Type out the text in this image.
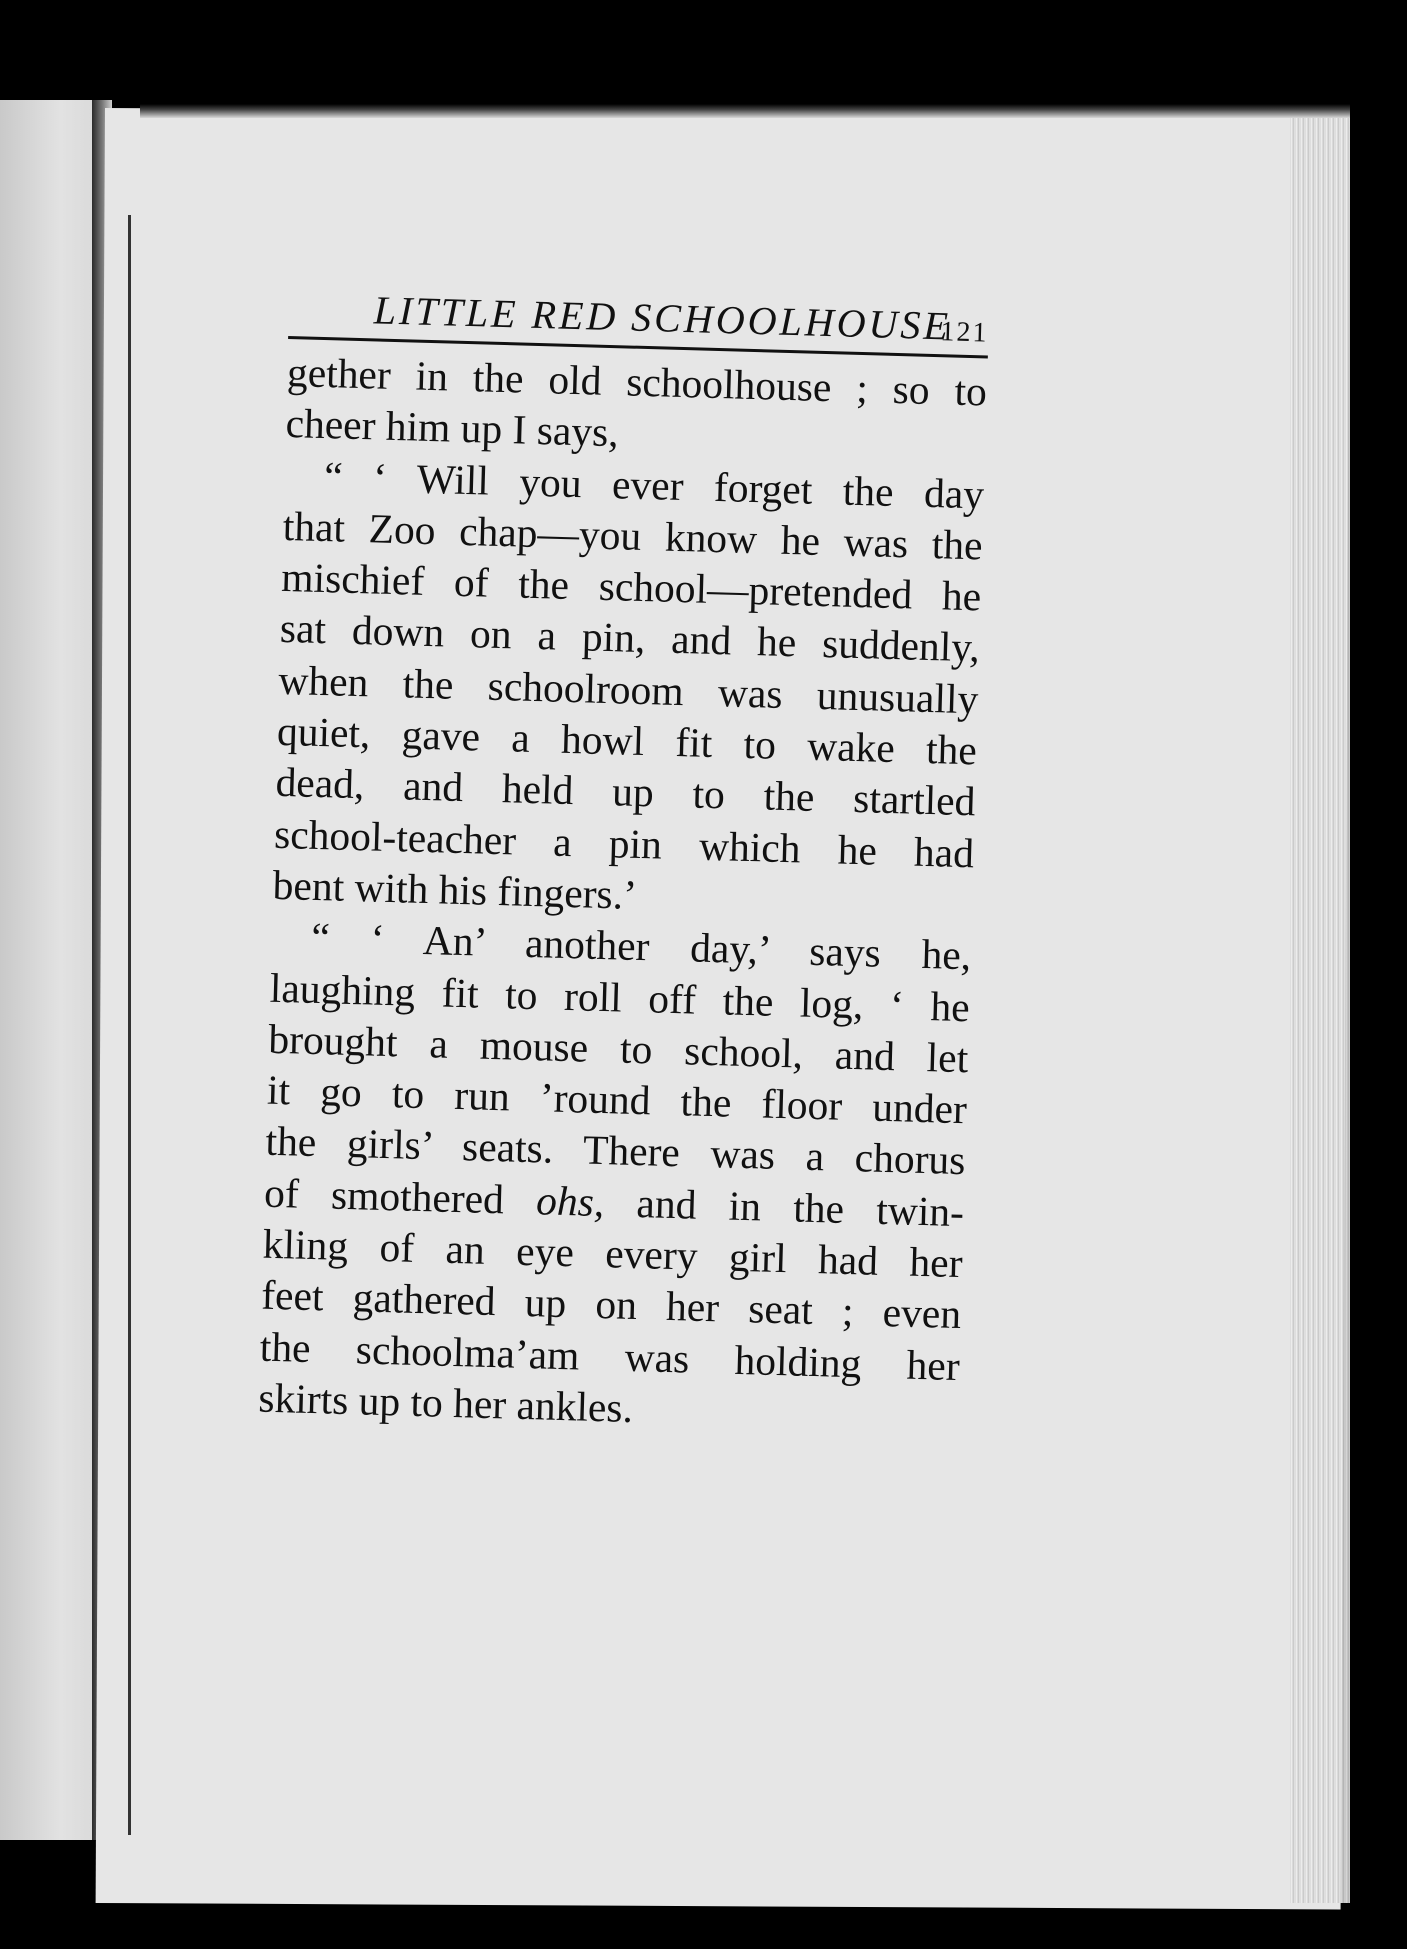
LITTLE RED SCHOOLHOUSE
121
gether in the old schoolhouse ; so to
cheer him up I says,
“ ‘ Will you ever forget the day
that Zoo chap—you know he was the
mischief of the school—pretended he
sat down on a pin, and he suddenly,
when the schoolroom was unusually
quiet, gave a howl fit to wake the
dead, and held up to the startled
school-teacher a pin which he had
bent with his fingers.’
“ ‘ An’ another day,’ says he,
laughing fit to roll off the log, ‘ he
brought a mouse to school, and let
it go to run ’round the floor under
the girls’ seats. There was a chorus
of smothered ohs, and in the twin-
kling of an eye every girl had her
feet gathered up on her seat ; even
the schoolma’am was holding her
skirts up to her ankles.
